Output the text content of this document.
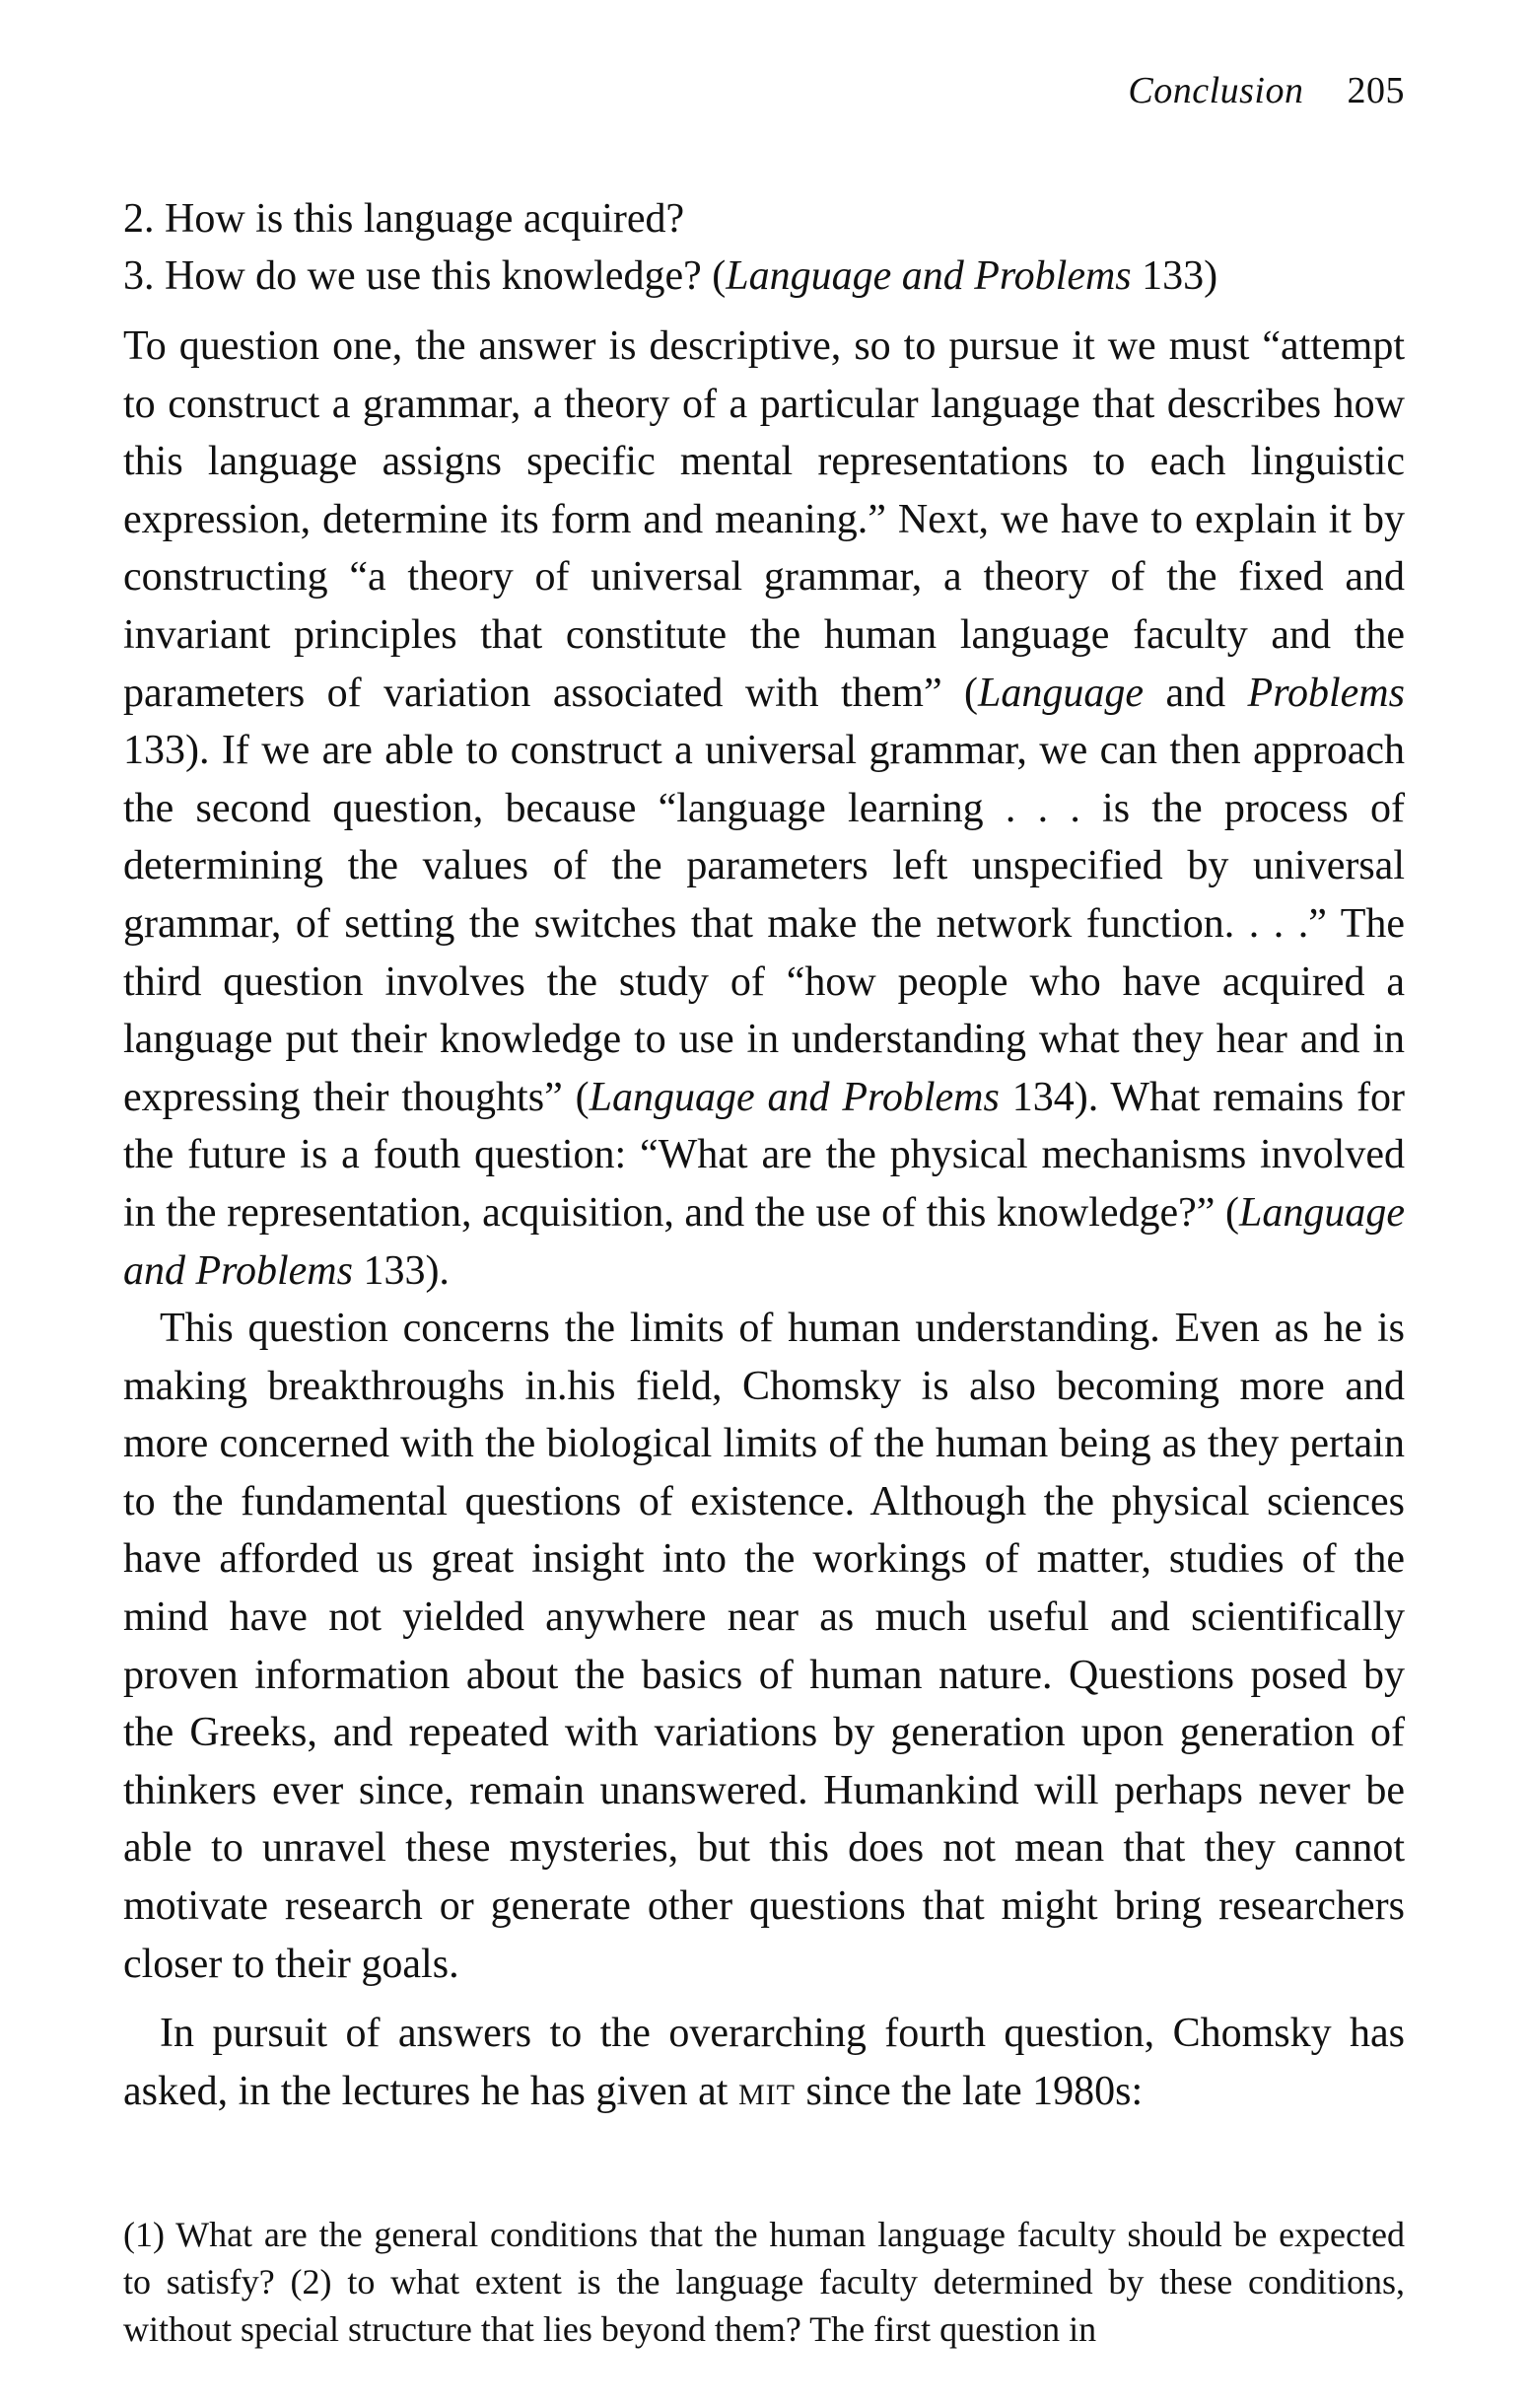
Conclusion 205
2. How is this language acquired?
3. How do we use this knowledge? (Language and Problems 133)

To question one, the answer is descriptive, so to pursue it we must “attempt to construct a grammar, a theory of a particular language that describes how this language assigns specific mental representations to each linguistic expression, determine its form and meaning.” Next, we have to explain it by constructing “a theory of universal grammar, a theory of the fixed and invariant principles that constitute the human language faculty and the parameters of variation associated with them” (Language and Problems 133). If we are able to construct a universal grammar, we can then approach the second question, because “language learning . . . is the process of determining the values of the parameters left unspecified by universal grammar, of setting the switches that make the network function. . . .” The third question involves the study of “how people who have acquired a language put their knowledge to use in understanding what they hear and in expressing their thoughts” (Language and Problems 134). What remains for the future is a fouth question: “What are the physical mechanisms involved in the representation, acquisition, and the use of this knowledge?” (Language and Problems 133).

This question concerns the limits of human understanding. Even as he is making breakthroughs in.his field, Chomsky is also becoming more and more concerned with the biological limits of the human being as they pertain to the fundamental questions of existence. Although the physical sciences have afforded us great insight into the workings of matter, studies of the mind have not yielded anywhere near as much useful and scientifically proven information about the basics of human nature. Questions posed by the Greeks, and repeated with variations by generation upon generation of thinkers ever since, remain unanswered. Humankind will perhaps never be able to unravel these mysteries, but this does not mean that they cannot motivate research or generate other questions that might bring researchers closer to their goals.

In pursuit of answers to the overarching fourth question, Chomsky has asked, in the lectures he has given at MIT since the late 1980s:

(1) What are the general conditions that the human language faculty should be expected to satisfy? (2) to what extent is the language faculty determined by these conditions, without special structure that lies beyond them? The first question in
